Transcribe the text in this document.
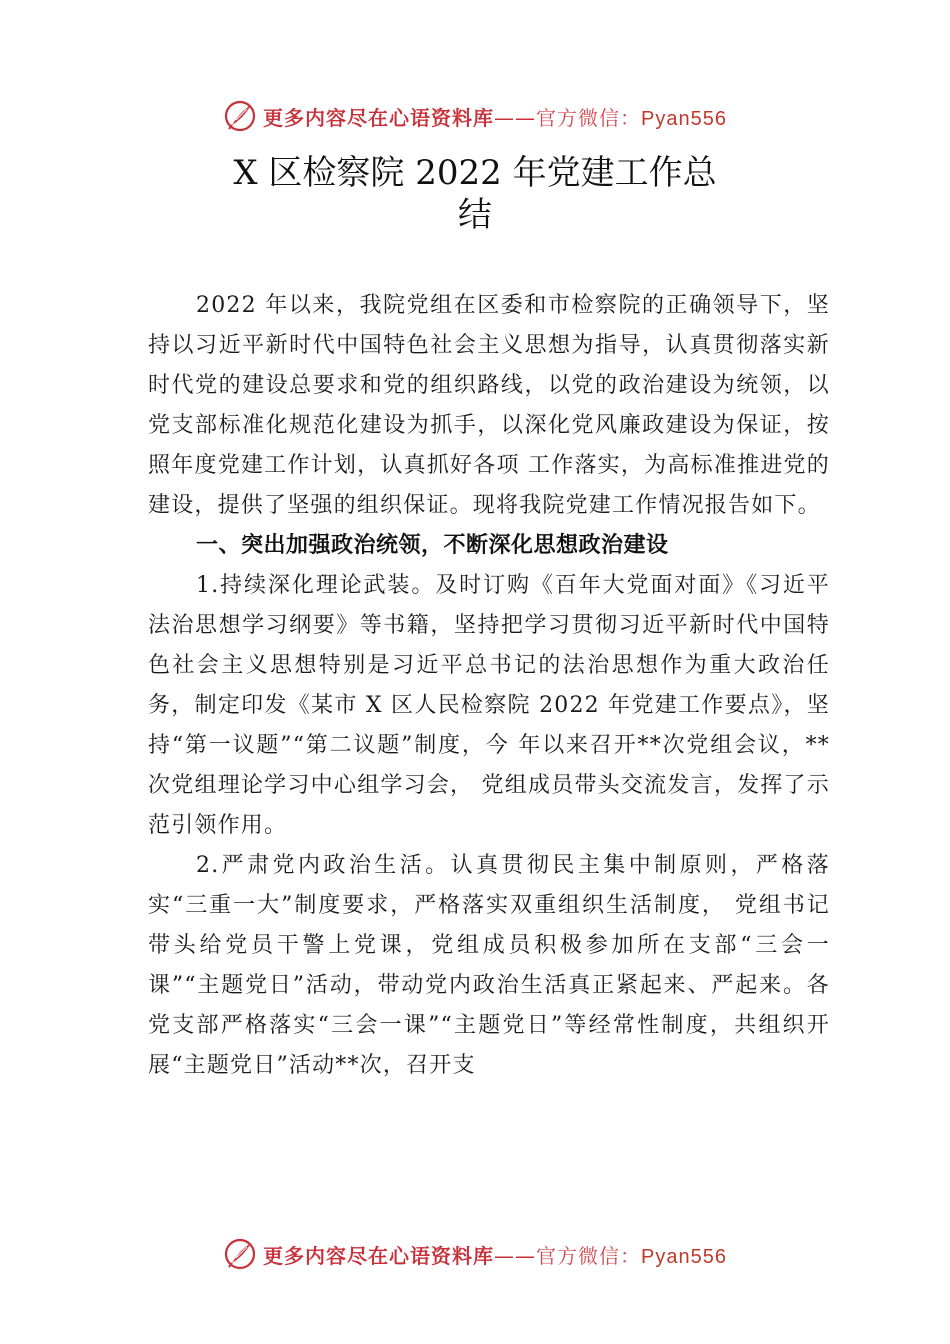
更多内容尽在心语资料库——官方微信：Pyan556
X 区检察院 2022 年党建工作总
结

2022 年以来，我院党组在区委和市检察院的正确领导下，坚持以习近平新时代中国特色社会主义思想为指导，认真贯彻落实新时代党的建设总要求和党的组织路线，以党的政治建设为统领，以党支部标准化规范化建设为抓手，以深化党风廉政建设为保证，按照年度党建工作计划，认真抓好各项 工作落实，为高标准推进党的建设，提供了坚强的组织保证。现将我院党建工作情况报告如下。

一、突出加强政治统领，不断深化思想政治建设

1.持续深化理论武装。及时订购《百年大党面对面》《习近平法治思想学习纲要》等书籍，坚持把学习贯彻习近平新时代中国特色社会主义思想特别是习近平总书记的法治思想作为重大政治任务，制定印发《某市 X 区人民检察院 2022 年党建工作要点》，坚持“第一议题”“第二议题”制度，今 年以来召开**次党组会议，**次党组理论学习中心组学习会， 党组成员带头交流发言，发挥了示范引领作用。

2.严肃党内政治生活。认真贯彻民主集中制原则，严格落实“三重一大”制度要求，严格落实双重组织生活制度， 党组书记带头给党员干警上党课，党组成员积极参加所在支部“三会一课”“主题党日”活动，带动党内政治生活真正紧起来、严起来。各党支部严格落实“三会一课”“主题党日”等经常性制度，共组织开展“主题党日”活动**次，召开支

更多内容尽在心语资料库——官方微信：Pyan556
